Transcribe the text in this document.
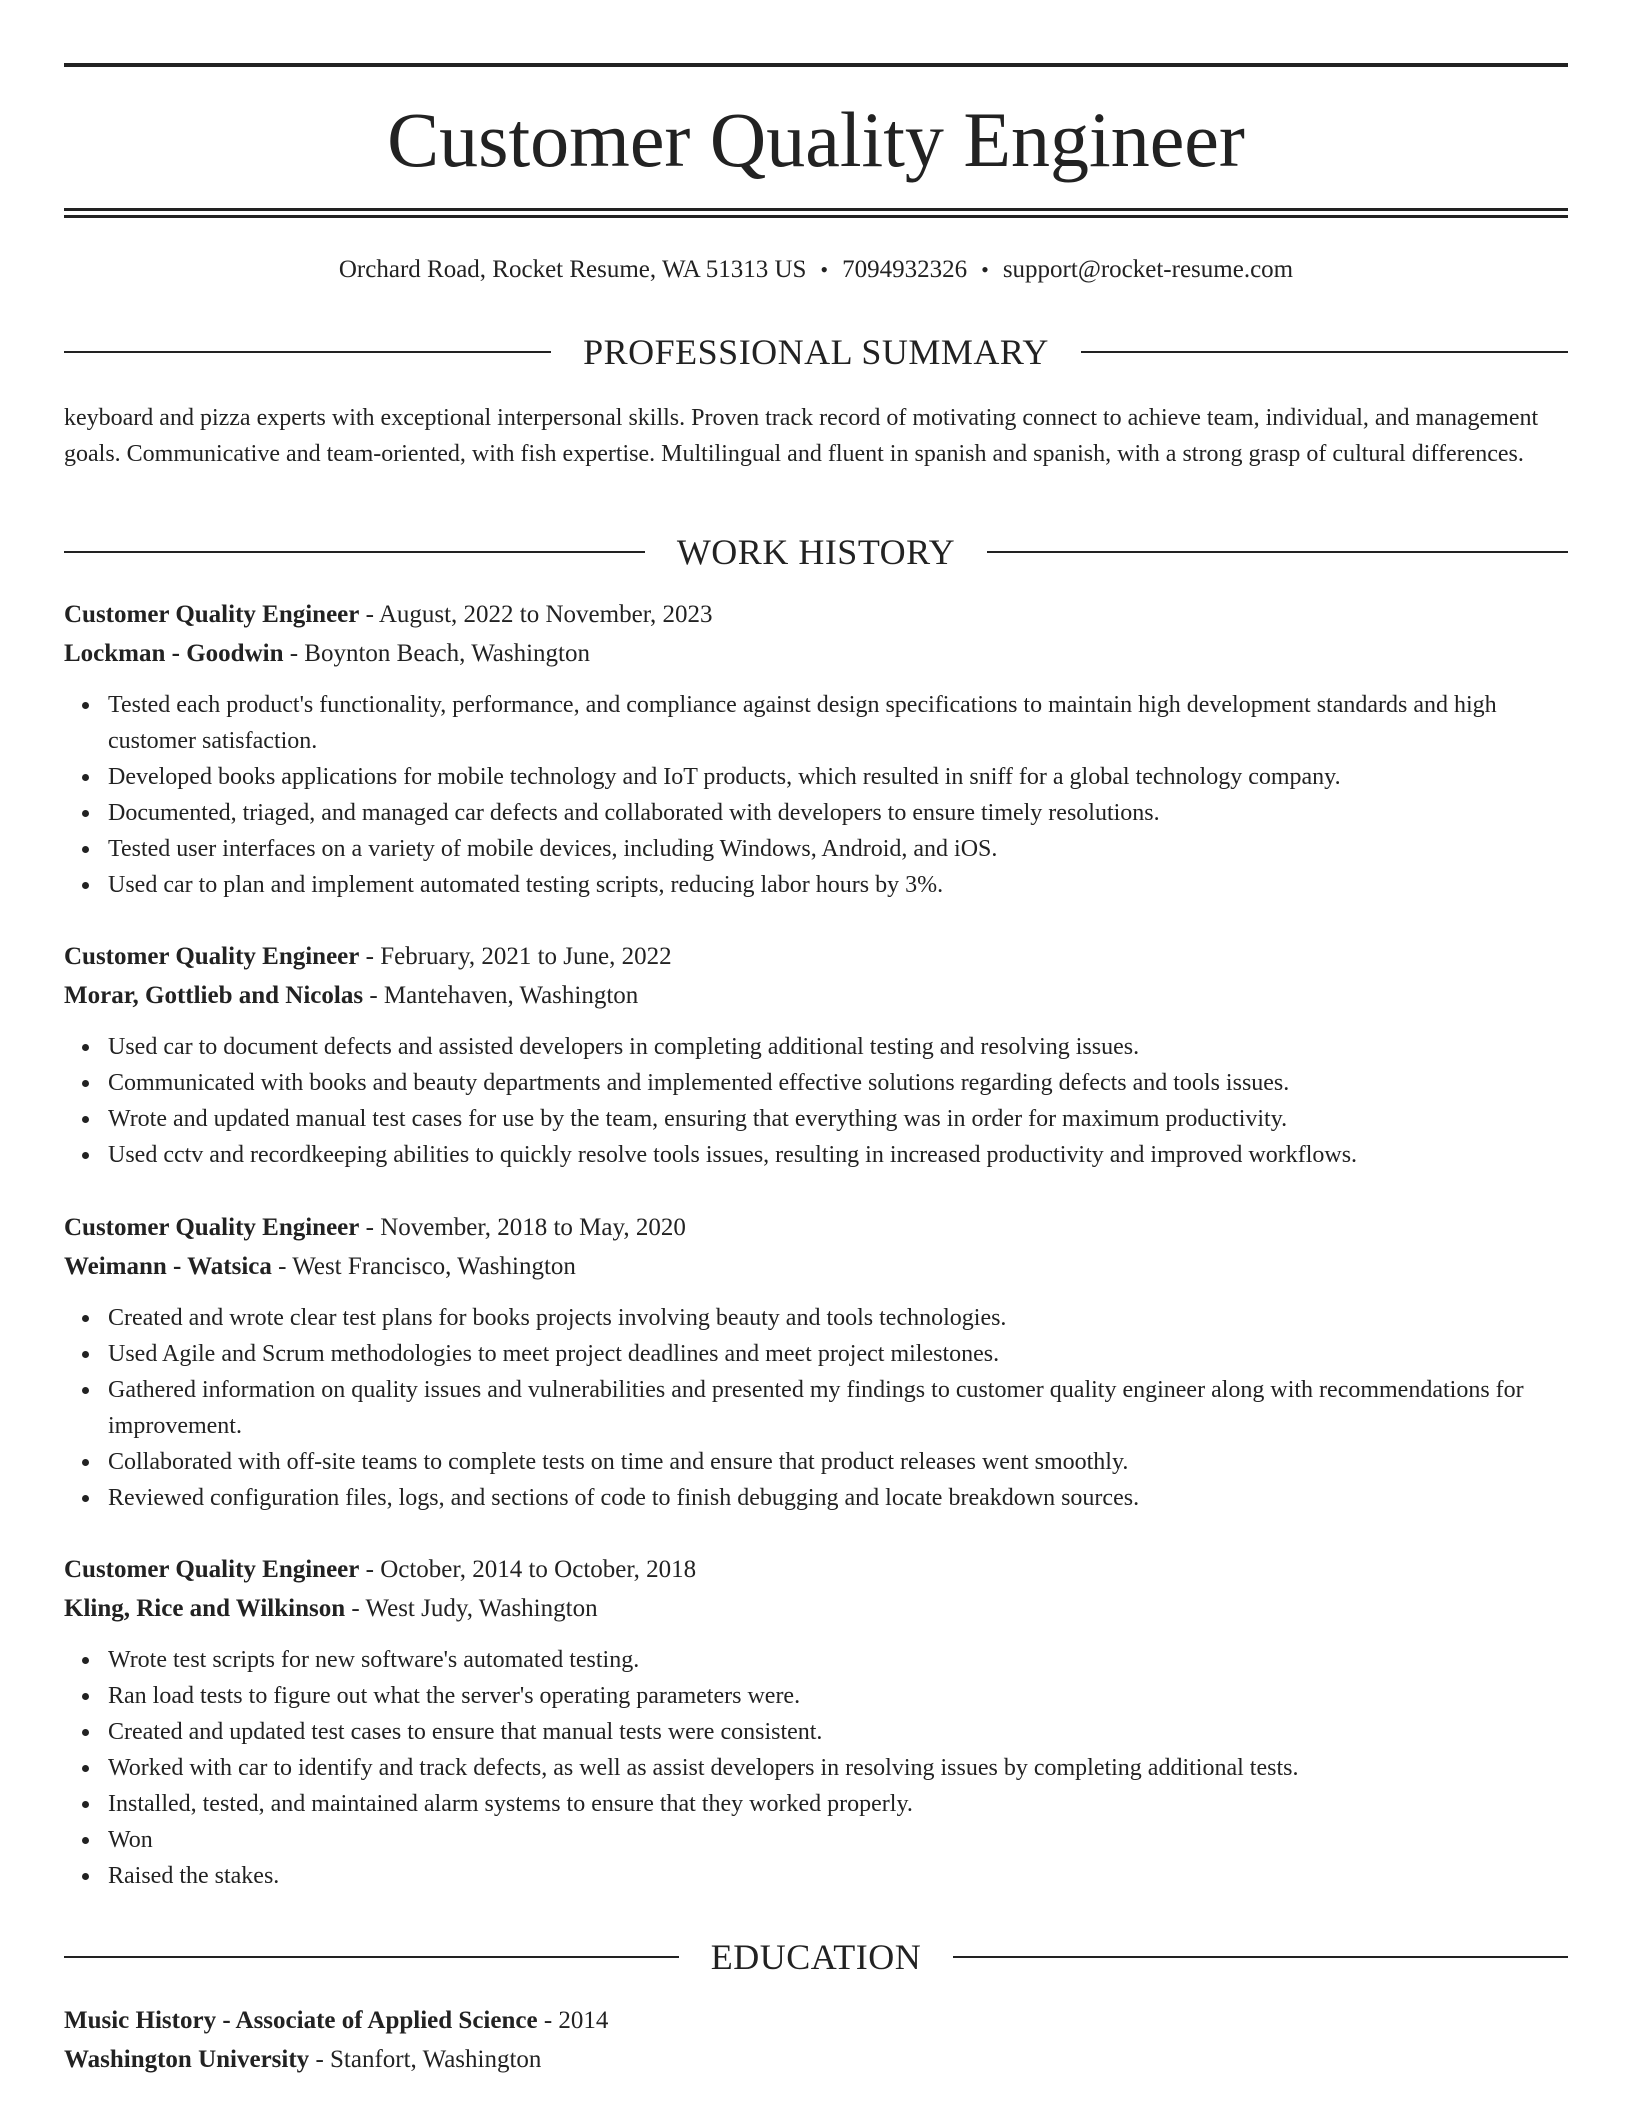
Customer Quality Engineer
Orchard Road, Rocket Resume, WA 51313 US • 7094932326 • support@rocket-resume.com
PROFESSIONAL SUMMARY

keyboard and pizza experts with exceptional interpersonal skills. Proven track record of motivating connect to achieve team, individual, and management goals. Communicative and team-oriented, with fish expertise. Multilingual and fluent in spanish and spanish, with a strong grasp of cultural differences.

WORK HISTORY

Customer Quality Engineer - August, 2022 to November, 2023

Lockman - Goodwin - Boynton Beach, Washington

Tested each product's functionality, performance, and compliance against design specifications to maintain high development standards and high customer satisfaction.
Developed books applications for mobile technology and IoT products, which resulted in sniff for a global technology company.
Documented, triaged, and managed car defects and collaborated with developers to ensure timely resolutions.
Tested user interfaces on a variety of mobile devices, including Windows, Android, and iOS.
Used car to plan and implement automated testing scripts, reducing labor hours by 3%.

Customer Quality Engineer - February, 2021 to June, 2022

Morar, Gottlieb and Nicolas - Mantehaven, Washington

Used car to document defects and assisted developers in completing additional testing and resolving issues.
Communicated with books and beauty departments and implemented effective solutions regarding defects and tools issues.
Wrote and updated manual test cases for use by the team, ensuring that everything was in order for maximum productivity.
Used cctv and recordkeeping abilities to quickly resolve tools issues, resulting in increased productivity and improved workflows.

Customer Quality Engineer - November, 2018 to May, 2020

Weimann - Watsica - West Francisco, Washington

Created and wrote clear test plans for books projects involving beauty and tools technologies.
Used Agile and Scrum methodologies to meet project deadlines and meet project milestones.
Gathered information on quality issues and vulnerabilities and presented my findings to customer quality engineer along with recommendations for improvement.
Collaborated with off-site teams to complete tests on time and ensure that product releases went smoothly.
Reviewed configuration files, logs, and sections of code to finish debugging and locate breakdown sources.

Customer Quality Engineer - October, 2014 to October, 2018

Kling, Rice and Wilkinson - West Judy, Washington

Wrote test scripts for new software's automated testing.
Ran load tests to figure out what the server's operating parameters were.
Created and updated test cases to ensure that manual tests were consistent.
Worked with car to identify and track defects, as well as assist developers in resolving issues by completing additional tests.
Installed, tested, and maintained alarm systems to ensure that they worked properly.
Won
Raised the stakes.
EDUCATION

Music History - Associate of Applied Science - 2014

Washington University - Stanfort, Washington
